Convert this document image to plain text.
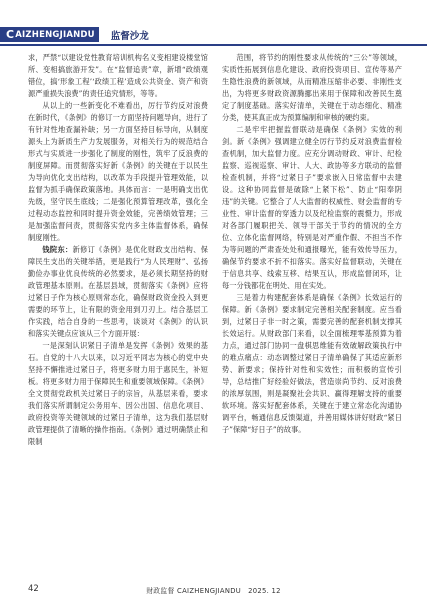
C AIZHENGJIANDU 监督沙龙

求，严禁“以建设党性教育培训机构名义变相建设楼堂馆所、变相搞旅游开发”。在“监督追责”章，新增“政绩观错位，搞‘形象工程’‘政绩工程’造成公共资金、资产和资源严重损失浪费”的责任追究情形，等等。

从以上的一些新变化不难看出，厉行节约反对浪费在新时代，《条例》的修订一方面坚持问题导向，进行了有针对性地查漏补缺；另一方面坚持目标导向，从制度源头上为新质生产力发展服务，对相关行为的规范结合形式与实质进一步强化了制度的刚性，筑牢了反浪费的制度屏障。而贯彻落实好新《条例》的关键在于以民生为导向优化支出结构，以改革为手段提升管理效能，以监督为抓手确保政策落地。具体而言：一是明确支出优先级，坚守民生底线；二是强化预算管理改革，强化全过程动态监控和同时提升资金效能，完善绩效管理；三是加强监督问责，贯彻落实党内多主体监督体系，确保制度刚性。

钱院东：新修订《条例》是优化财政支出结构、保障民生支出的关键举措，更是践行“为人民理财”、弘扬勤俭办事业优良传统的必然要求，是必须长期坚持的财政管理基本原则。在基层县域，贯彻落实《条例》应将过紧日子作为核心原则常态化，确保财政资金投入到更需要的环节上，让有限的资金用到刀刃上。结合基层工作实践，结合自身的一些思考，谈谈对《条例》的认识和落实关键点应该从三个方面开展：

一是深刻认识紧日子清单是发挥《条例》效果的基石。自党的十八大以来，以习近平同志为核心的党中央坚持不懈推进过紧日子，将更多财力用于惠民生，补短板。将更多财力用于保障民生和重要领域保障。《条例》全文贯彻党政机关过紧日子的宗旨，从基层来看，要求我们落实所谓制定公务用车、因公出国、信息化项目、政府投资等关键领域的过紧日子清单，这为我们基层财政管理提供了清晰的操作指南。《条例》通过明确禁止和限制

范围，将节约的刚性要求从传统的“三公”等领域，实质性拓展到信息化建设、政府投资项目、宣传等易产生隐性浪费的新领域，从而精准压缩非必要、非刚性支出，为将更多财政资源腾挪出来用于保障和改善民生奠定了制度基础。落实好清单，关键在于动态细化、精准分类，使其真正成为预算编制和审核的硬约束。

二是牢牢把握监督联动是确保《条例》实效的利剑。新《条例》强调建立健全厉行节约反对浪费监督检查机制，加大监督力度。应充分调动财政、审计、纪检监察、巡视巡察、审计、人大、政协等多方联动的监督检查机制，并将“过紧日子”要求嵌入日常监督中去建设。这种协同监督是破除“上紧下松”、防止“阳奉阴违”的关键。它整合了人大监督的权威性、财会监督的专业性、审计监督的穿透力以及纪检监察的震慑力，形成对各部门履职把关、领导干部关于节约的情况的全方位、立体化监督网络，特别是对严重作假、不担当不作为等问题的严肃查处处和通报曝光，能有效传导压力，确保节约要求不折不扣落实。落实好监督联动，关键在于信息共享、线索互移、结果互认，形成监督闭环，让每一分钱都花在明处、用在实处。

三是着力构建配套体系是确保《条例》长效运行的保障。新《条例》要求制定完善相关配套制度。应当看到，过紧日子非一时之策，需要完善的配套机制支撑其长效运行。从财政部门来看，以全面梳理零基预算为着力点，通过部门协同一盘棋思维能有效破解政策执行中的难点痛点：动态调整过紧日子清单确保了其适应新形势、新要求；保持针对性和实效性；而积极的宣传引导，总结推广好经验好做法，营造崇尚节约、反对浪费的浓厚氛围，则是凝聚社会共识、赢得理解支持的重要软环境。落实好配套体系，关键在于建立常态化沟通协调平台，畅通信息反馈渠道，并善用媒体讲好财政“紧日子”保障“好日子”的故事。

42	财政监督 CAIZHENGJIANDU　2025. 12
